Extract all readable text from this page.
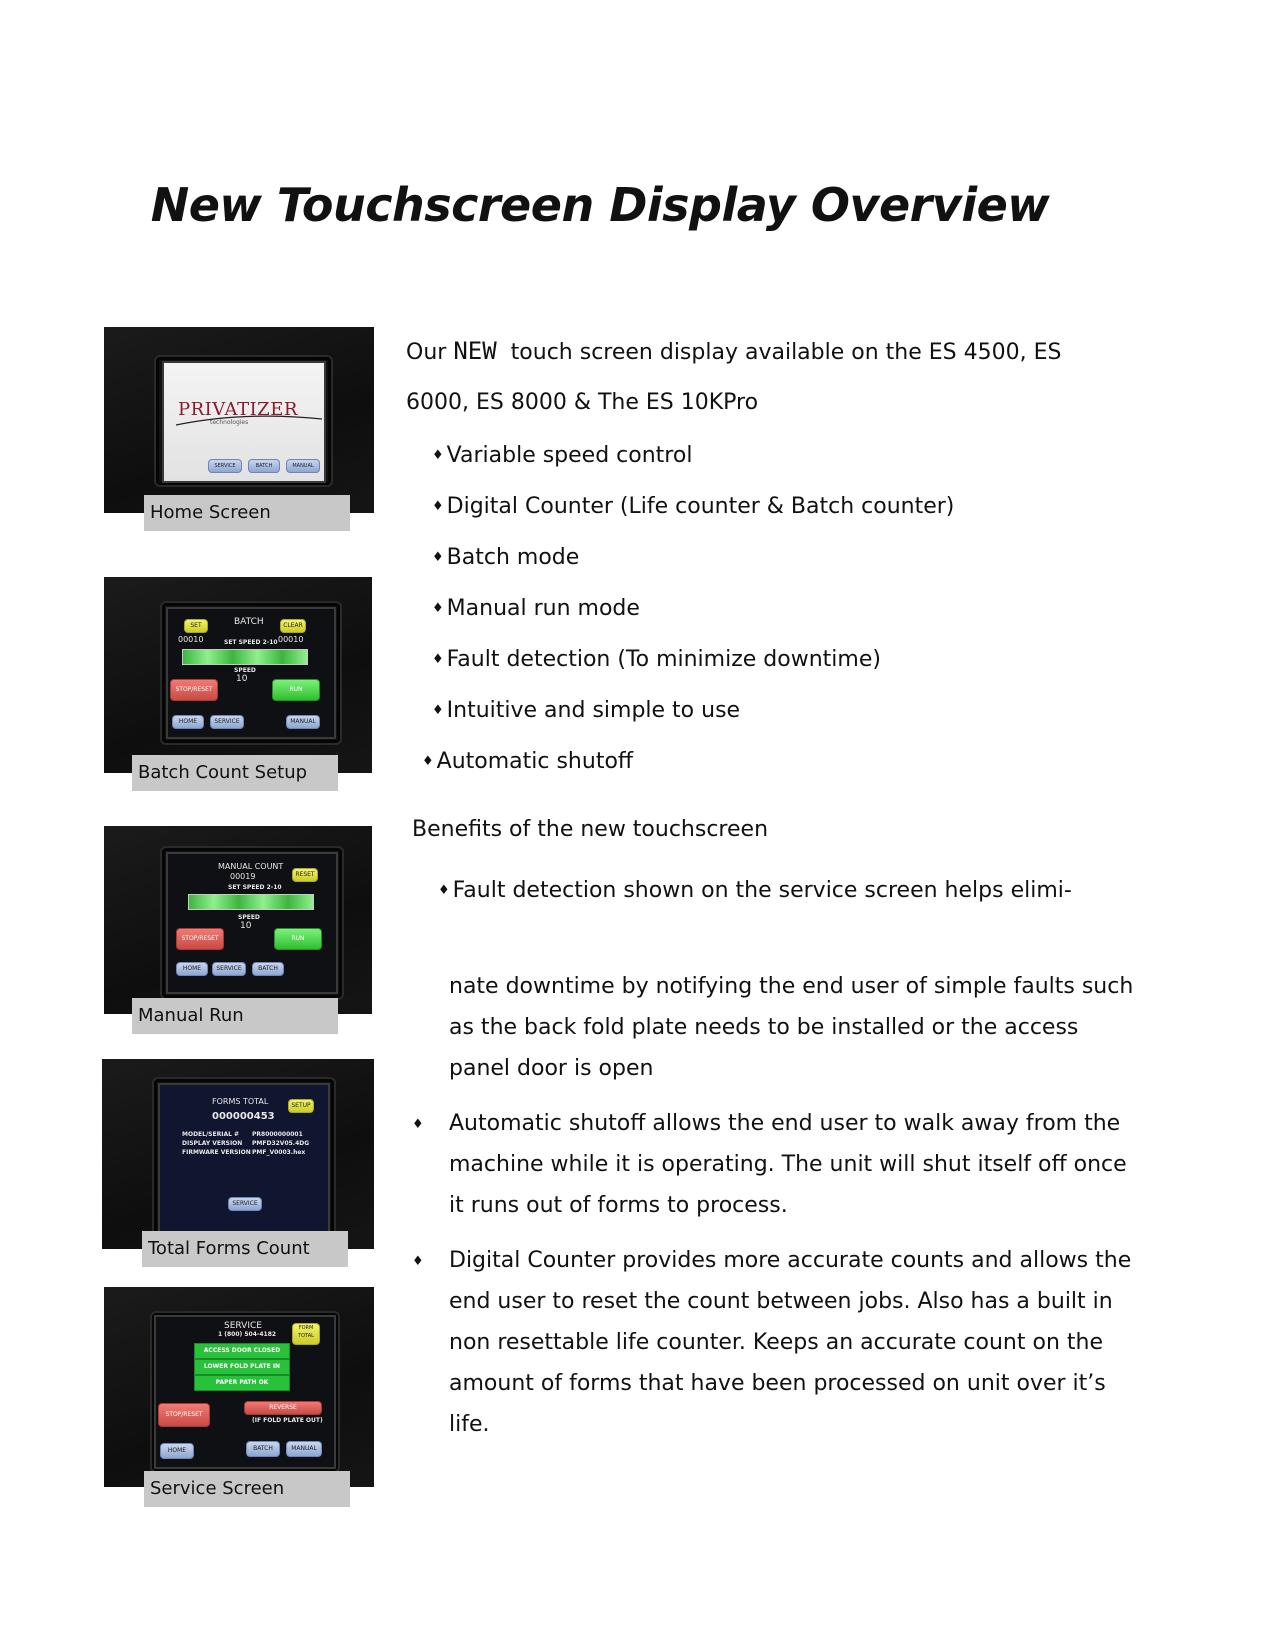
New Touchscreen Display Overview
PRIVATIZER
technologies
SERVICE	BATCH	MANUAL
Home Screen
SET	BATCH	CLEAR
00010	SET SPEED 2-10 00010
SPEED
10
STOP/RESET	RUN
HOME	SERVICE	MANUAL
Batch Count Setup
MANUAL COUNT
00019	RESET
SET SPEED 2-10
SPEED
10
STOP/RESET	RUN
HOME	SERVICE	BATCH
Manual Run
FORMS TOTAL	SETUP
000000453
MODEL/SERIAL # PR8000000001
DISPLAY VERSION PMFD32V05.4DG
FIRMWARE VERSION PMF_V0003.hex
SERVICE
Total Forms Count
SERVICE
1 (800) 504-4182
FORM TOTAL
ACCESS DOOR CLOSED
LOWER FOLD PLATE IN
PAPER PATH OK
STOP/RESET
REVERSE
(IF FOLD PLATE OUT)
HOME	BATCH	MANUAL
Service Screen
Our NEW touch screen display available on the ES 4500, ES
6000, ES 8000 & The ES 10KPro
♦ Variable speed control
♦ Digital Counter (Life counter & Batch counter)
♦ Batch mode
♦ Manual run mode
♦ Fault detection (To minimize downtime)
♦ Intuitive and simple to use
♦ Automatic shutoff
Benefits of the new touchscreen
♦ Fault detection shown on the service screen helps elimi-
nate downtime by notifying the end user of simple faults such as the back fold plate needs to be installed or the access panel door is open
♦ Automatic shutoff allows the end user to walk away from the machine while it is operating. The unit will shut itself off once it runs out of forms to process.
♦ Digital Counter provides more accurate counts and allows the end user to reset the count between jobs. Also has a built in non resettable life counter. Keeps an accurate count on the amount of forms that have been processed on unit over it’s life.
